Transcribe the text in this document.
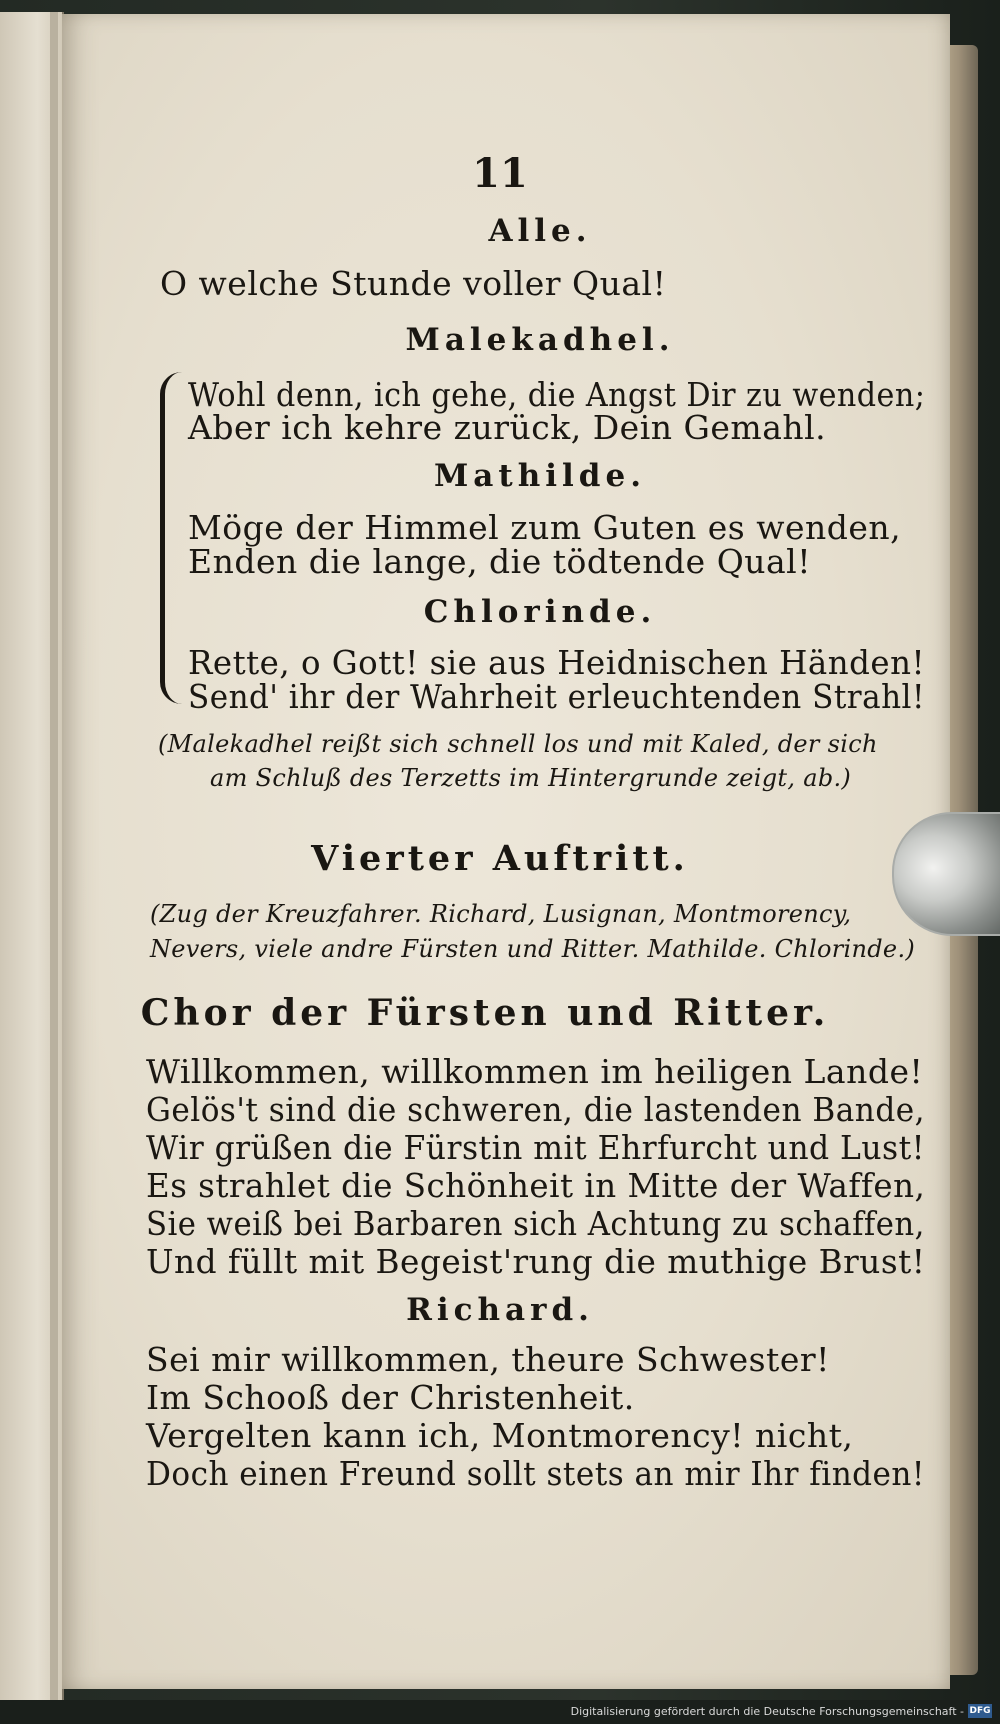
11
Alle.
O welche Stunde voller Qual!
Malekadhel.
Wohl denn, ich gehe, die Angst Dir zu wenden;
Aber ich kehre zurück, Dein Gemahl.
Mathilde.
Möge der Himmel zum Guten es wenden,
Enden die lange, die tödtende Qual!
Chlorinde.
Rette, o Gott! sie aus Heidnischen Händen!
Send' ihr der Wahrheit erleuchtenden Strahl!
(Malekadhel reißt sich schnell los und mit Kaled, der sich
am Schluß des Terzetts im Hintergrunde zeigt, ab.)
Vierter Auftritt.
(Zug der Kreuzfahrer. Richard, Lusignan, Montmorency,
Nevers, viele andre Fürsten und Ritter. Mathilde. Chlorinde.)
Chor der Fürsten und Ritter.
Willkommen, willkommen im heiligen Lande!
Gelös't sind die schweren, die lastenden Bande,
Wir grüßen die Fürstin mit Ehrfurcht und Lust!
Es strahlet die Schönheit in Mitte der Waffen,
Sie weiß bei Barbaren sich Achtung zu schaffen,
Und füllt mit Begeist'rung die muthige Brust!
Richard.
Sei mir willkommen, theure Schwester!
Im Schooß der Christenheit.
Vergelten kann ich, Montmorency! nicht,
Doch einen Freund sollt stets an mir Ihr finden!
Digitalisierung gefördert durch die Deutsche Forschungsgemeinschaft - DFG
